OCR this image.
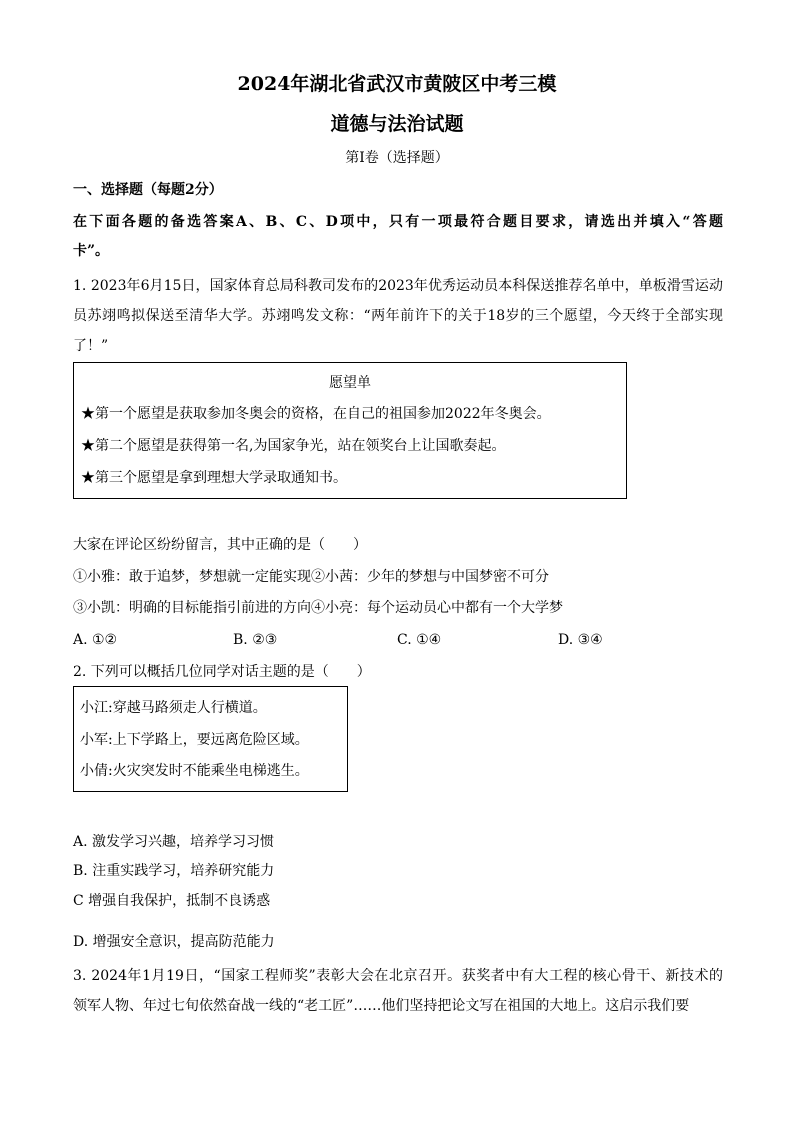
2024年湖北省武汉市黄陂区中考三模
道德与法治试题
第I卷（选择题）
一、选择题（每题2分）
在下面各题的备选答案A、B、C、D项中，只有一项最符合题目要求，请选出并填入“答题
卡”。
1. 2023年6月15日，国家体育总局科教司发布的2023年优秀运动员本科保送推荐名单中，单板滑雪运动
员苏翊鸣拟保送至清华大学。苏翊鸣发文称：“两年前许下的关于18岁的三个愿望，今天终于全部实现
了！”
愿望单
★第一个愿望是获取参加冬奥会的资格，在自己的祖国参加2022年冬奥会。
★第二个愿望是获得第一名,为国家争光，站在领奖台上让国歌奏起。
★第三个愿望是拿到理想大学录取通知书。
大家在评论区纷纷留言，其中正确的是（　　）
①小雅：敢于追梦，梦想就一定能实现②小茜：少年的梦想与中国梦密不可分
③小凯：明确的目标能指引前进的方向④小亮：每个运动员心中都有一个大学梦
A. ①②	B. ②③	C. ①④	D. ③④
2. 下列可以概括几位同学对话主题的是（　　）
小江:穿越马路须走人行横道。
小军:上下学路上，要远离危险区域。
小倩:火灾突发时不能乘坐电梯逃生。
A. 激发学习兴趣，培养学习习惯
B. 注重实践学习，培养研究能力
C 增强自我保护，抵制不良诱惑
D. 增强安全意识，提高防范能力
3. 2024年1月19日，“国家工程师奖”表彰大会在北京召开。获奖者中有大工程的核心骨干、新技术的
领军人物、年过七旬依然奋战一线的“老工匠”……他们坚持把论文写在祖国的大地上。这启示我们要
